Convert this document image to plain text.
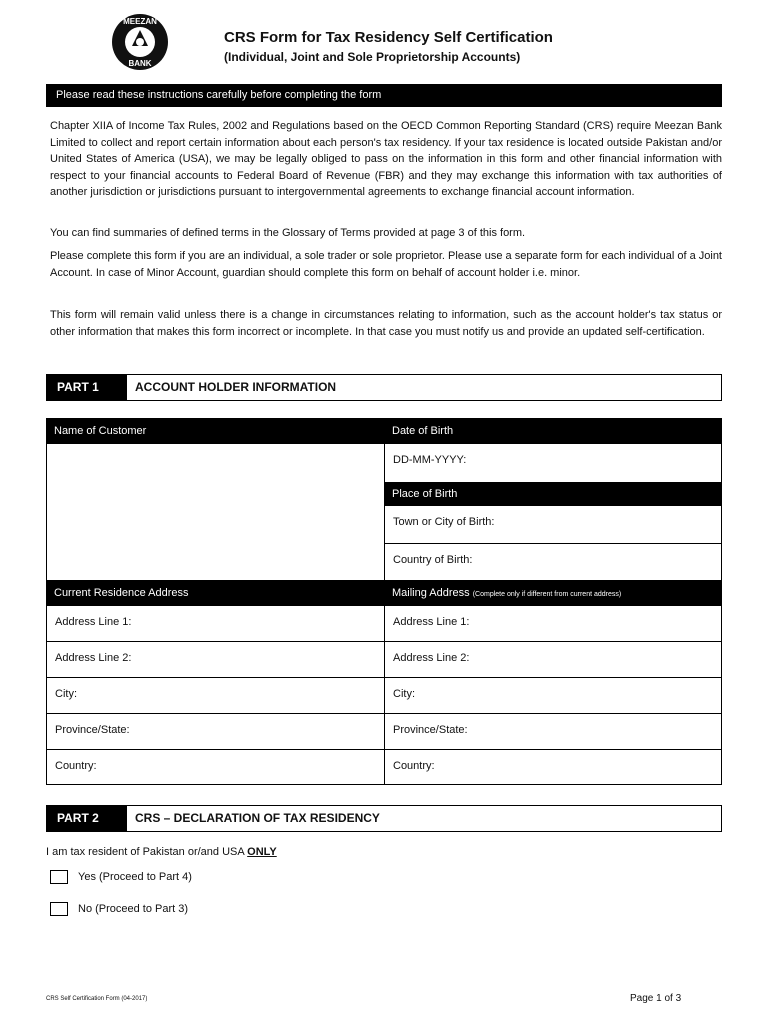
MEEZAN
BANK
CRS Form for Tax Residency Self Certification
(Individual, Joint and Sole Proprietorship Accounts)
Please read these instructions carefully before completing the form

Chapter XIIA of Income Tax Rules, 2002 and Regulations based on the OECD Common Reporting Standard (CRS) require Meezan Bank Limited to collect and report certain information about each person's tax residency. If your tax residence is located outside Pakistan and/or United States of America (USA), we may be legally obliged to pass on the information in this form and other financial information with respect to your financial accounts to Federal Board of Revenue (FBR) and they may exchange this information with tax authorities of another jurisdiction or jurisdictions pursuant to intergovernmental agreements to exchange financial account information.

You can find summaries of defined terms in the Glossary of Terms provided at page 3 of this form.

Please complete this form if you are an individual, a sole trader or sole proprietor. Please use a separate form for each individual of a Joint Account. In case of Minor Account, guardian should complete this form on behalf of account holder i.e. minor.

This form will remain valid unless there is a change in circumstances relating to information, such as the account holder's tax status or other information that makes this form incorrect or incomplete. In that case you must notify us and provide an updated self-certification.

PART 1	ACCOUNT HOLDER INFORMATION
Name of Customer	Date of Birth
DD-MM-YYYY:
Place of Birth
Town or City of Birth:
Country of Birth:
Current Residence Address	Mailing Address (Complete only if different from current address)
Address Line 1:	Address Line 1:
Address Line 2:	Address Line 2:
City:	City:
Province/State:	Province/State:
Country:	Country:
PART 2	CRS – DECLARATION OF TAX RESIDENCY
I am tax resident of Pakistan or/and USA ONLY
Yes (Proceed to Part 4)
No (Proceed to Part 3)
CRS Self Certification Form (04-2017)	Page 1 of 3
